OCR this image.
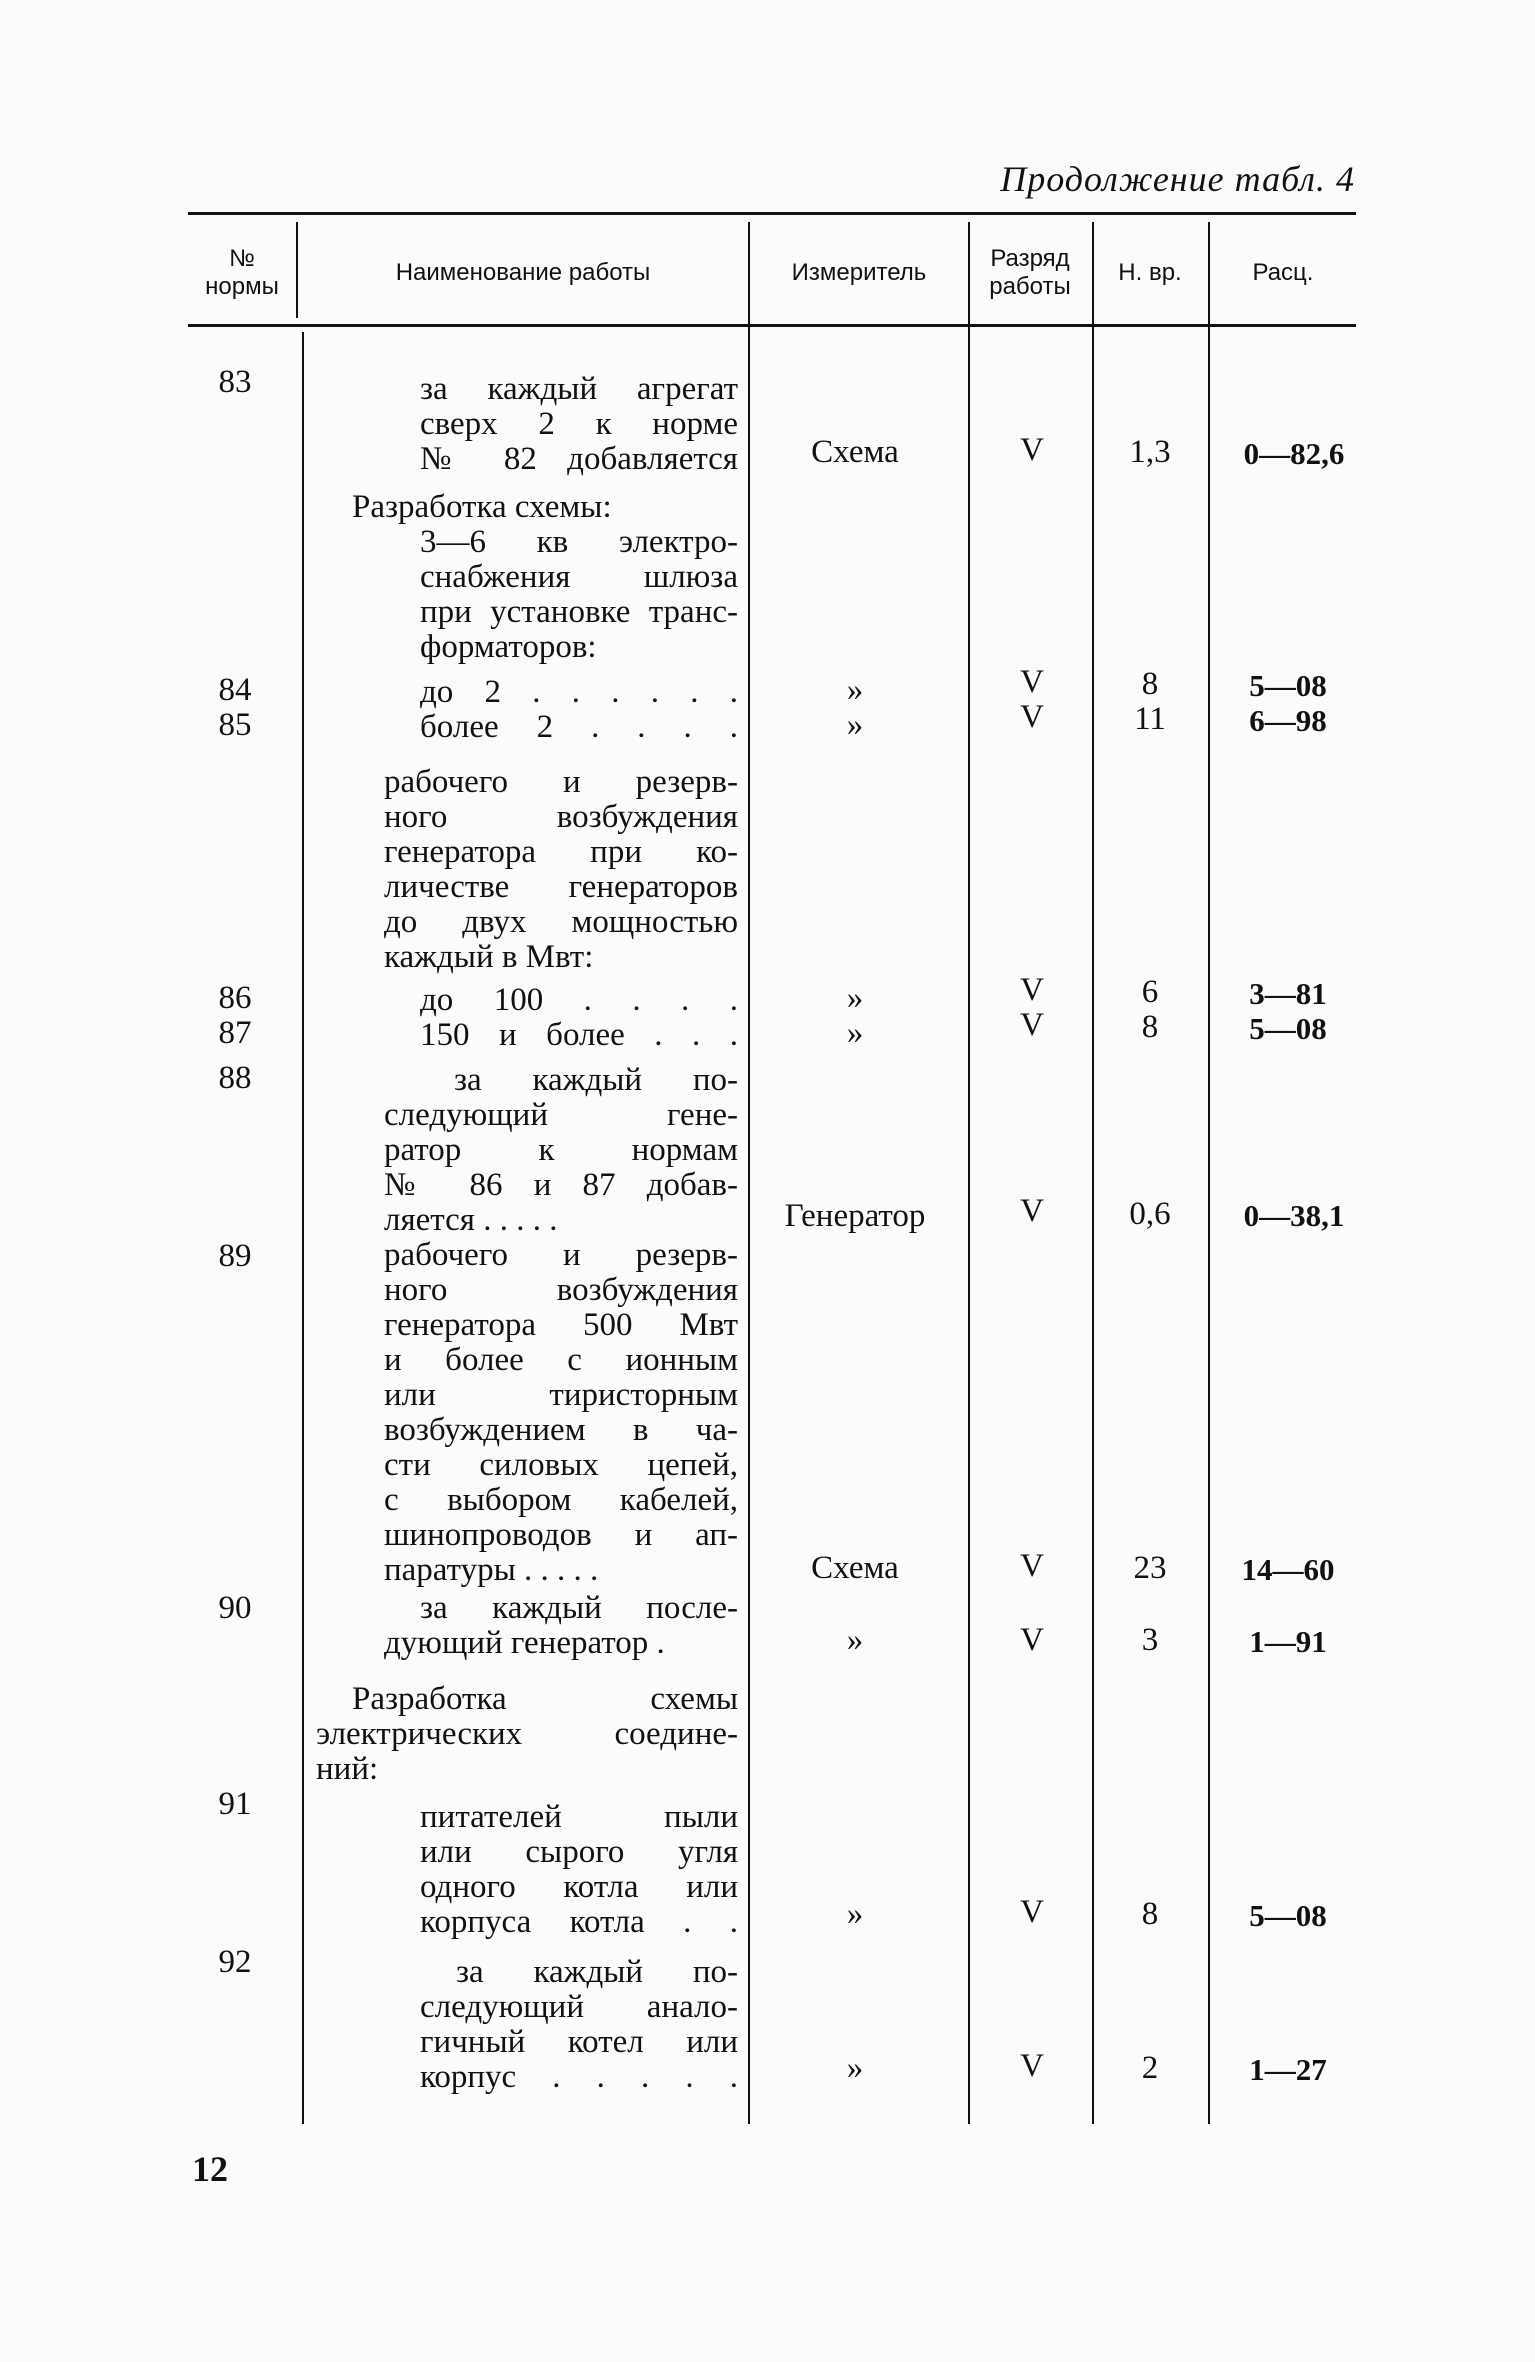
Продолжение табл. 4
№ нормы
Наименование работы	Измеритель
Разряд работы
Н. вр.	Расц.
83
84
85
86
87
88
89
90
91
92
за каждый агрегат
сверх 2 к норме
№ 82 добавляется
Разработка схемы:
3—6 кв электро-
снабжения шлюза
при установке транс-
форматоров:
до 2 . . . . . .
более 2 . . . .
рабочего и резерв-
ного возбуждения
генератора при ко-
личестве генераторов
до двух мощностью
каждый в Мвт:
до 100 . . . .
150 и более . . .
за каждый по-
следующий гене-
ратор к нормам
№ 86 и 87 добав-
ляется . . . . .
рабочего и резерв-
ного возбуждения
генератора 500 Мвт
и более с ионным
или тиристорным
возбуждением в ча-
сти силовых цепей,
с выбором кабелей,
шинопроводов и ап-
паратуры . . . . .
за каждый после-
дующий генератор .
Разработка схемы
электрических соедине-
ний:
питателей пыли
или сырого угля
одного котла или
корпуса котла . .
за каждый по-
следующий анало-
гичный котел или
корпус . . . . .
Схема
»
»
»
»
Генератор
Схема
»
»
»
V
V
V
V
V
V
V
V
V
V
1,3
8
11
6
8
0,6
23
3
8
2
0—82,6
5—08
6—98
3—81
5—08
0—38,1
14—60
1—91
5—08
1—27
12
